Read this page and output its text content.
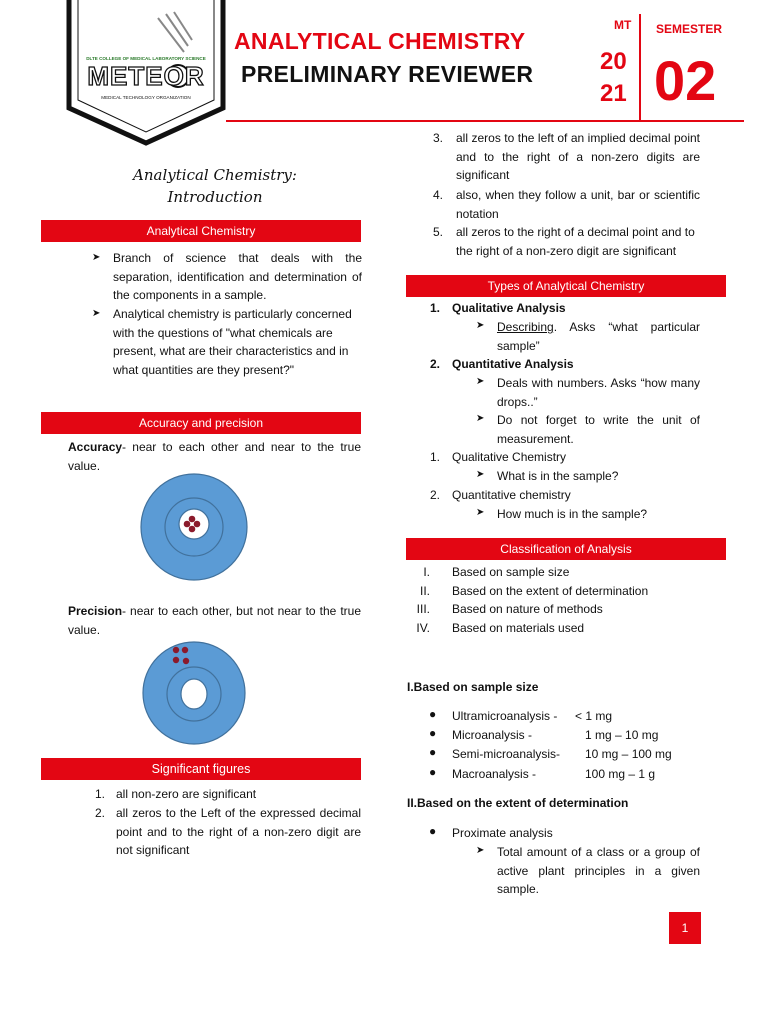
DLTE COLLEGE OF MEDICAL LABORATORY SCIENCE
METEOR
MEDICAL TECHNOLOGY ORGANIZATION
ANALYTICAL CHEMISTRY
PRELIMINARY REVIEWER
MT
20
21
SEMESTER
02
Analytical Chemistry:
Introduction
Analytical Chemistry
➤ Branch of science that deals with the separation, identification and determination of the components in a sample.
➤ Analytical chemistry is particularly concerned with the questions of "what chemicals are present, what are their characteristics and in what quantities are they present?"
Accuracy and precision
Accuracy- near to each other and near to the true value.
Precision- near to each other, but not near to the true value.
Significant figures
1. all non-zero are significant
2. all zeros to the Left of the expressed decimal point and to the right of a non-zero digit are not significant
3. all zeros to the left of an implied decimal point and to the right of a non-zero digits are significant
4. also, when they follow a unit, bar or scientific notation
5. all zeros to the right of a decimal point and to the right of a non-zero digit are significant
Types of Analytical Chemistry
1. Qualitative Analysis
➤ Describing. Asks “what particular sample”
2. Quantitative Analysis
➤ Deals with numbers. Asks “how many drops..”
➤ Do not forget to write the unit of measurement.
1. Qualitative Chemistry
➤ What is in the sample?
2. Quantitative chemistry
➤ How much is in the sample?
Classification of Analysis
I. Based on sample size
II. Based on the extent of determination
III. Based on nature of methods
IV. Based on materials used
I.Based on sample size
● Ultramicroanalysis - < 1 mg
● Microanalysis -	1 mg – 10 mg
● Semi-microanalysis- 10 mg – 100 mg
● Macroanalysis -	100 mg – 1 g
II.Based on the extent of determination
● Proximate analysis
➤ Total amount of a class or a group of active plant principles in a given sample.
1
